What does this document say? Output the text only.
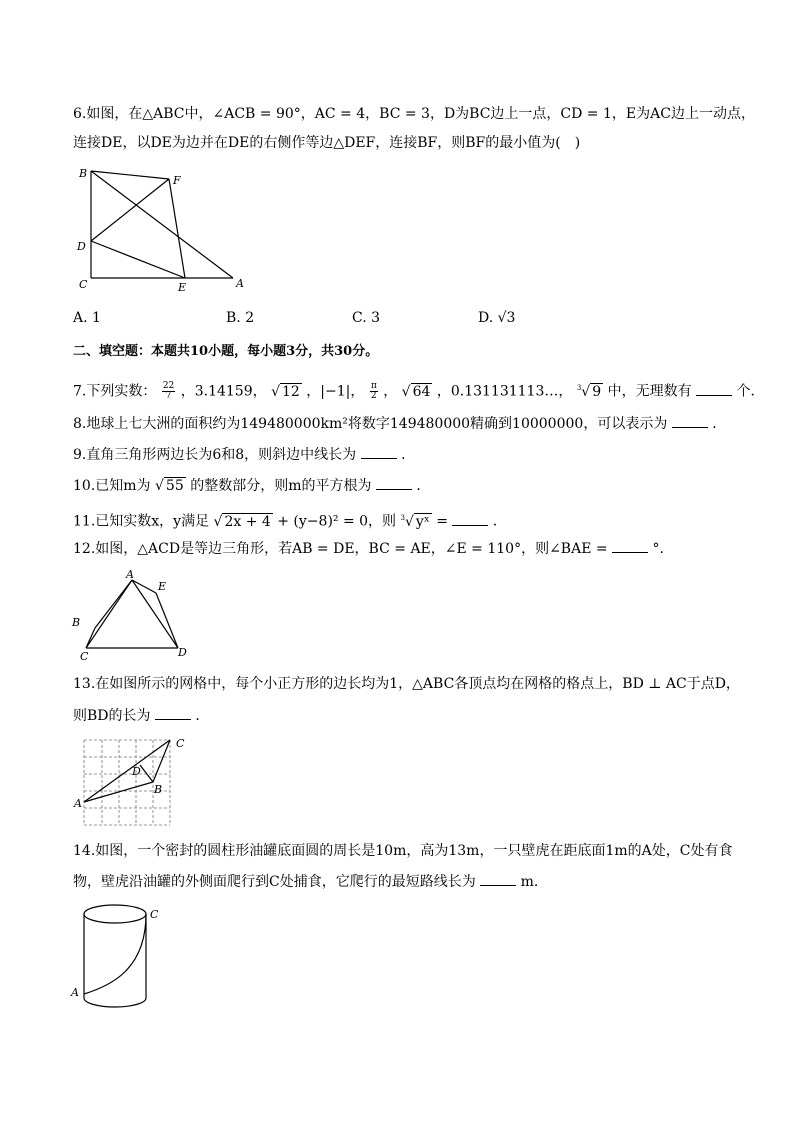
6.如图，在△ABC中，∠ACB = 90°，AC = 4，BC = 3，D为BC边上一点，CD = 1，E为AC边上一动点，
连接DE，以DE为边并在DE的右侧作等边△DEF，连接BF，则BF的最小值为(　)
B
F
D
C	E	A
A. 1	B. 2	C. 3	D. √3
二、填空题：本题共10小题，每小题3分，共30分。
7.下列实数： $\frac{22}{7}$ ，3.14159， √ 12 ，|−1|， $\frac{\pi}{2}$ ， √ 64 ，0.131131113…， $^3$√ 9 中，无理数有	个．
8.地球上七大洲的面积约为149480000km²将数字149480000精确到10000000，可以表示为	．
9.直角三角形两边长为6和8，则斜边中线长为	．
10.已知m为 √ 55 的整数部分，则m的平方根为	．
11.已知实数x，y满足 √ 2x + 4 + (y−8)² = 0，则 $^3$√ yˣ =	．
12.如图，△ACD是等边三角形，若AB = DE，BC = AE，∠E = 110°，则∠BAE =	°.
A
E
B
C	D
13.在如图所示的网格中，每个小正方形的边长均为1，△ABC各顶点均在网格的格点上，BD ⊥ AC于点D，
则BD的长为	．
A
B
C
D
14.如图，一个密封的圆柱形油罐底面圆的周长是10m，高为13m，一只壁虎在距底面1m的A处，C处有食
物，壁虎沿油罐的外侧面爬行到C处捕食，它爬行的最短路线长为	m.
C
A
